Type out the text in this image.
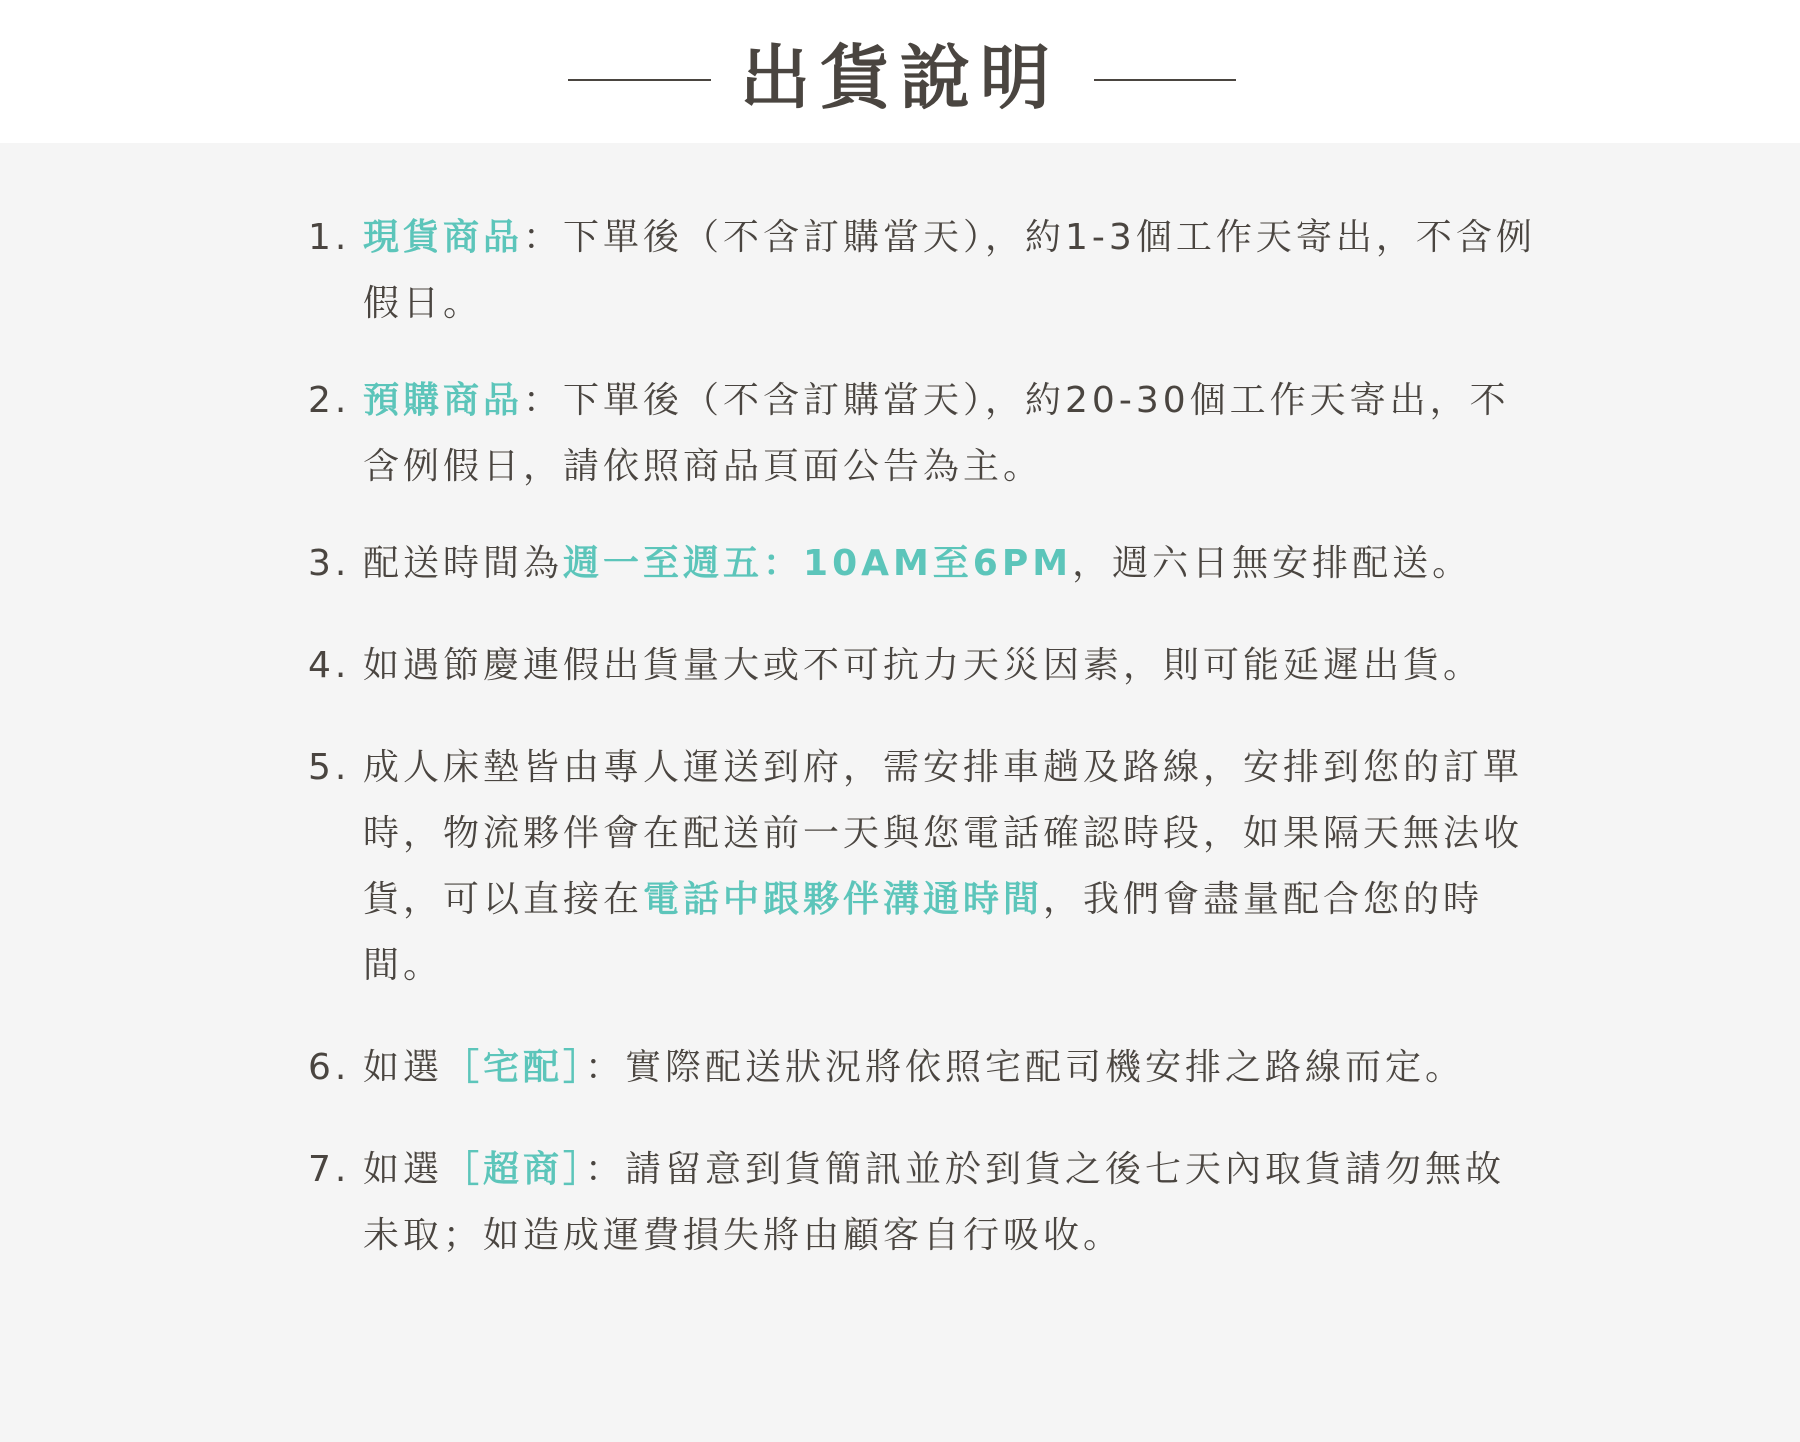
出貨說明
1. 現貨商品：下單後（不含訂購當天），約1-3個工作天寄出，不含例假日。
2. 預購商品：下單後（不含訂購當天），約20-30個工作天寄出，不含例假日，請依照商品頁面公告為主。
3. 配送時間為週一至週五：10AM至6PM，週六日無安排配送。
4. 如遇節慶連假出貨量大或不可抗力天災因素，則可能延遲出貨。
5. 成人床墊皆由專人運送到府，需安排車趟及路線，安排到您的訂單時，物流夥伴會在配送前一天與您電話確認時段，如果隔天無法收貨，可以直接在電話中跟夥伴溝通時間，我們會盡量配合您的時間。
6. 如選［宅配］：實際配送狀況將依照宅配司機安排之路線而定。
7. 如選［超商］：請留意到貨簡訊並於到貨之後七天內取貨請勿無故未取；如造成運費損失將由顧客自行吸收。
